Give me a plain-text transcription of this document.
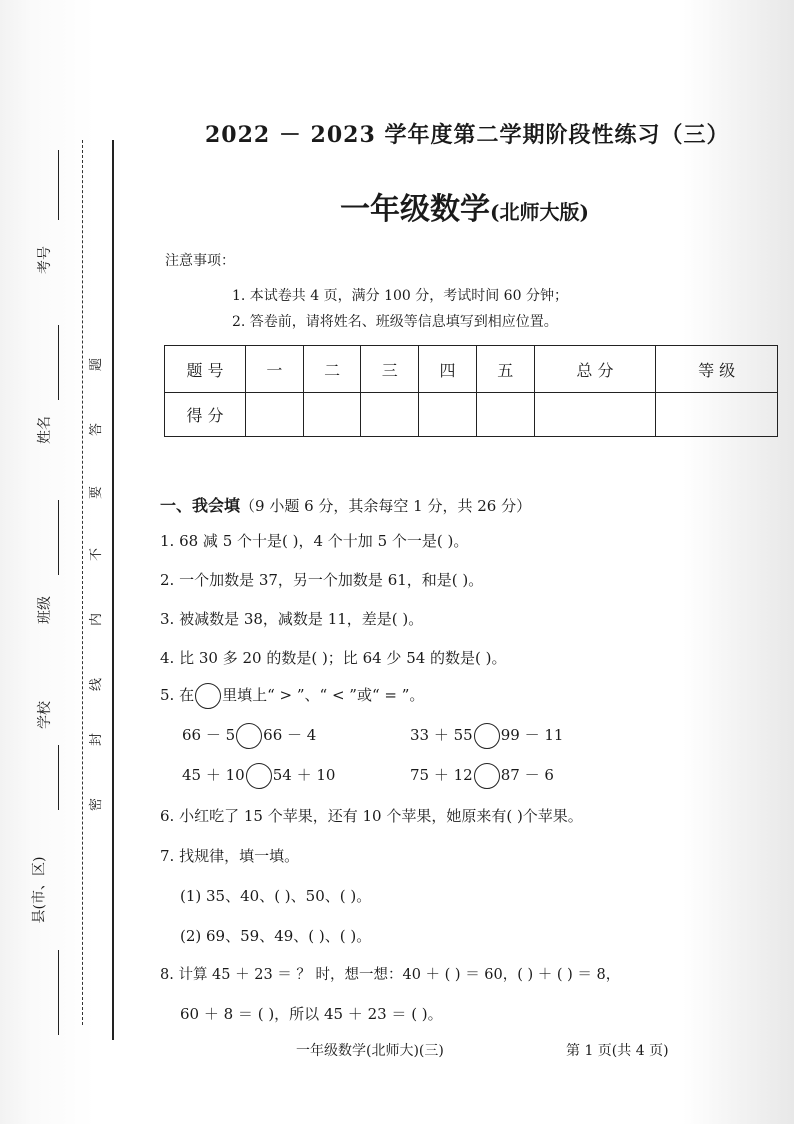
考号
姓名
班级
学校
县(市、区)
密
封
线
内
不
要
答
题
2022 － 2023 学年度第二学期阶段性练习（三）
一年级数学(北师大版)
注意事项：
1. 本试卷共 4 页，满分 100 分，考试时间 60 分钟；
2. 答卷前，请将姓名、班级等信息填写到相应位置。
题 号	一	二	三	四	五	总 分	等 级
得 分							
一、我会填（9 小题 6 分，其余每空 1 分，共 26 分）
1. 68 减 5 个十是( )，4 个十加 5 个一是( )。
2. 一个加数是 37，另一个加数是 61，和是( )。
3. 被减数是 38，减数是 11，差是( )。
4. 比 30 多 20 的数是( )；比 64 少 54 的数是( )。
5. 在 里填上“ > ”、“ < ”或“ = ”。
66 － 5 66 － 4	33 ＋ 55 99 － 11
45 ＋ 10 54 ＋ 10	75 ＋ 12 87 － 6
6. 小红吃了 15 个苹果，还有 10 个苹果，她原来有( )个苹果。
7. 找规律，填一填。
(1) 35、40、( )、50、( )。
(2) 69、59、49、( )、( )。
8. 计算 45 ＋ 23 ＝ ？ 时，想一想：40 ＋ ( ) ＝ 60，( ) ＋ ( ) ＝ 8，
60 ＋ 8 ＝ ( )，所以 45 ＋ 23 ＝ ( )。
一年级数学(北师大)(三)	第 1 页(共 4 页)
